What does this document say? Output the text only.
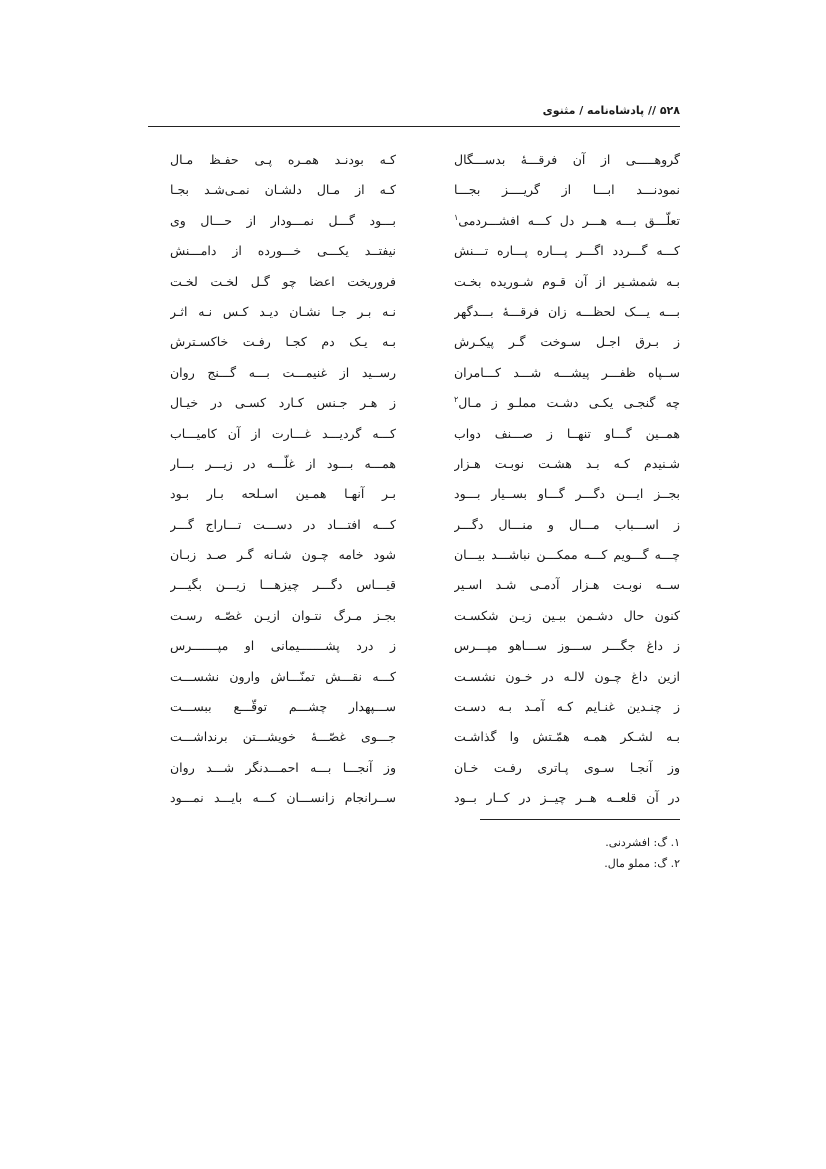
۵۲۸ // پادشاه‌نامه / مثنوی
گروهـــــی از آن فرقـــهٔ بدســـگال
کـه بودنـد همـره پـی حفـظ مـال
نمودنـــد ابـــا از گریــــز بجـــا
کـه از مـال دلشـان نمـی‌شـد بجـا
تعلّـــق بـــه هـــر دل کـــه افشـــردمی$^۱$
بـــود گـــل نمـــودار از حـــال وی
کـــه گـــردد اگـــر پـــاره پـــاره تـــنش
نیفتــد یکـــی خـــورده از دامـــنش
بـه شمشـیر از آن قـوم شـوریده بخـت
فروریخت اعضا چو گـل لخـت لخـت
بـــه یـــک لحظـــه زان فرقـــهٔ بـــدگهر
نـه بـر جـا نشـان دیـد کـس نـه اثـر
ز بـرق اجـل سـوخت گـر پیکـرش
بـه یـک دم کجـا رفـت خاکسـترش
ســپاه ظفـــر پیشـــه شـــد کـــامران
رســید از غنیمـــت بـــه گـــنج روان
چه گنجـی یکـی دشـت مملـو ز مـال$^۲$
ز هـر جـنس کـارد کسـی در خیـال
همــین گـــاو تنهــا ز صـــنف دواب
کـــه گردیـــد غـــارت از آن کامیـــاب
شـنیدم کـه بـد هشـت نوبـت هـزار
همـــه بـــود از غلّـــه در زیـــر بـــار
بجــز ایـــن دگـــر گـــاو بســیار بـــود
بـر آنهـا همـین اسـلحه بـار بـود
ز اســـباب مـــال و منـــال دگـــر
کـــه افتـــاد در دســـت تـــاراج گـــر
چـــه گـــویم کـــه ممکـــن نباشـــد بیـــان
شود خامه چـون شـانه گـر صـد زبـان
ســه نوبـت هـزار آدمـی شـد اسـیر
قیـــاس دگـــر چیزهـــا زیـــن بگیـــر
کنون حال دشـمن ببـین زیـن شکسـت
بجـز مـرگ نتـوان ازیـن غصّـه رسـت
ز داغ جگـــر ســـوز ســـاهو مپـــرس
ز درد پشـــــــیمانی او مپـــــــرس
ازین داغ چـون لالـه در خـون نشسـت
کـــه نقـــش تمنّـــاش وارون نشســـت
ز چنـدین غنـایم کـه آمـد بـه دسـت
ســـپهدار چشـــم توقّـــع ببســـت
بـه لشـکر همـه همّـتش وا گذاشـت
جـــوی غصّـــهٔ خویشـــتن برنداشـــت
وز آنجـا سـوی پـاتری رفـت خـان
وز آنجـــا بـــه احمـــدنگر شـــد روان
در آن قلعــه هــر چیــز در کــار بــود
ســرانجام زانســـان کـــه بایـــد نمـــود
۱. گ: افشردنی.
۲. گ: مملو مال.
